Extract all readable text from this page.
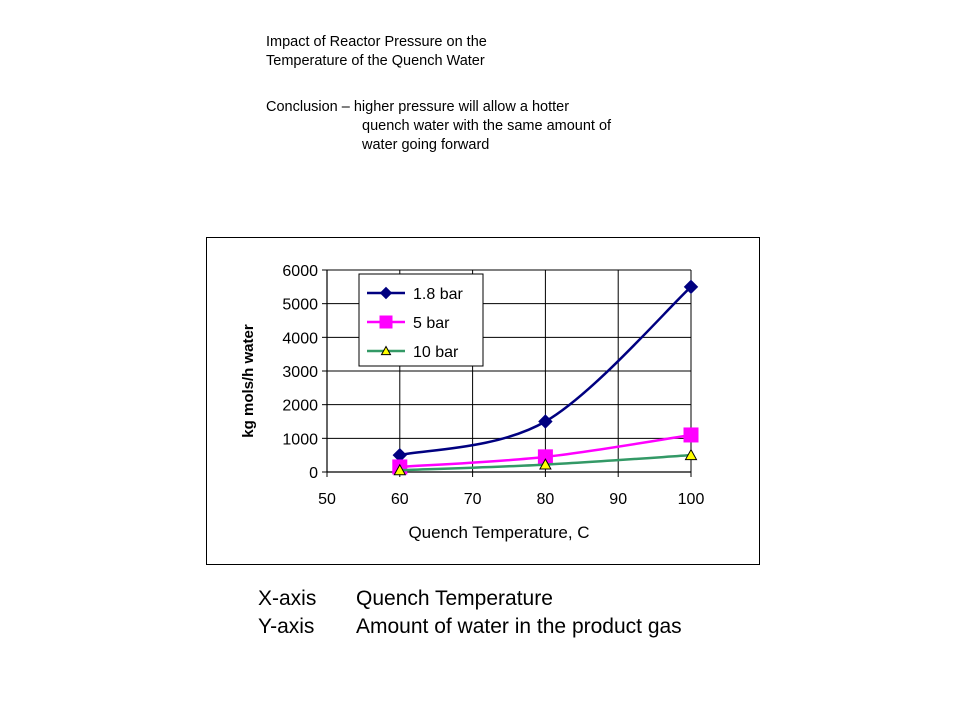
Impact of Reactor Pressure on the
Temperature of the Quench Water
Conclusion – higher pressure will allow a hotter
quench water with the same amount of
water going forward
50	60	70	80	90	100
0
1000
2000
3000
4000
5000
6000
Quench Temperature, C
kg mols/h water
1.8 bar
5 bar
10 bar
X-axis Quench Temperature
Y-axis Amount of water in the product gas
